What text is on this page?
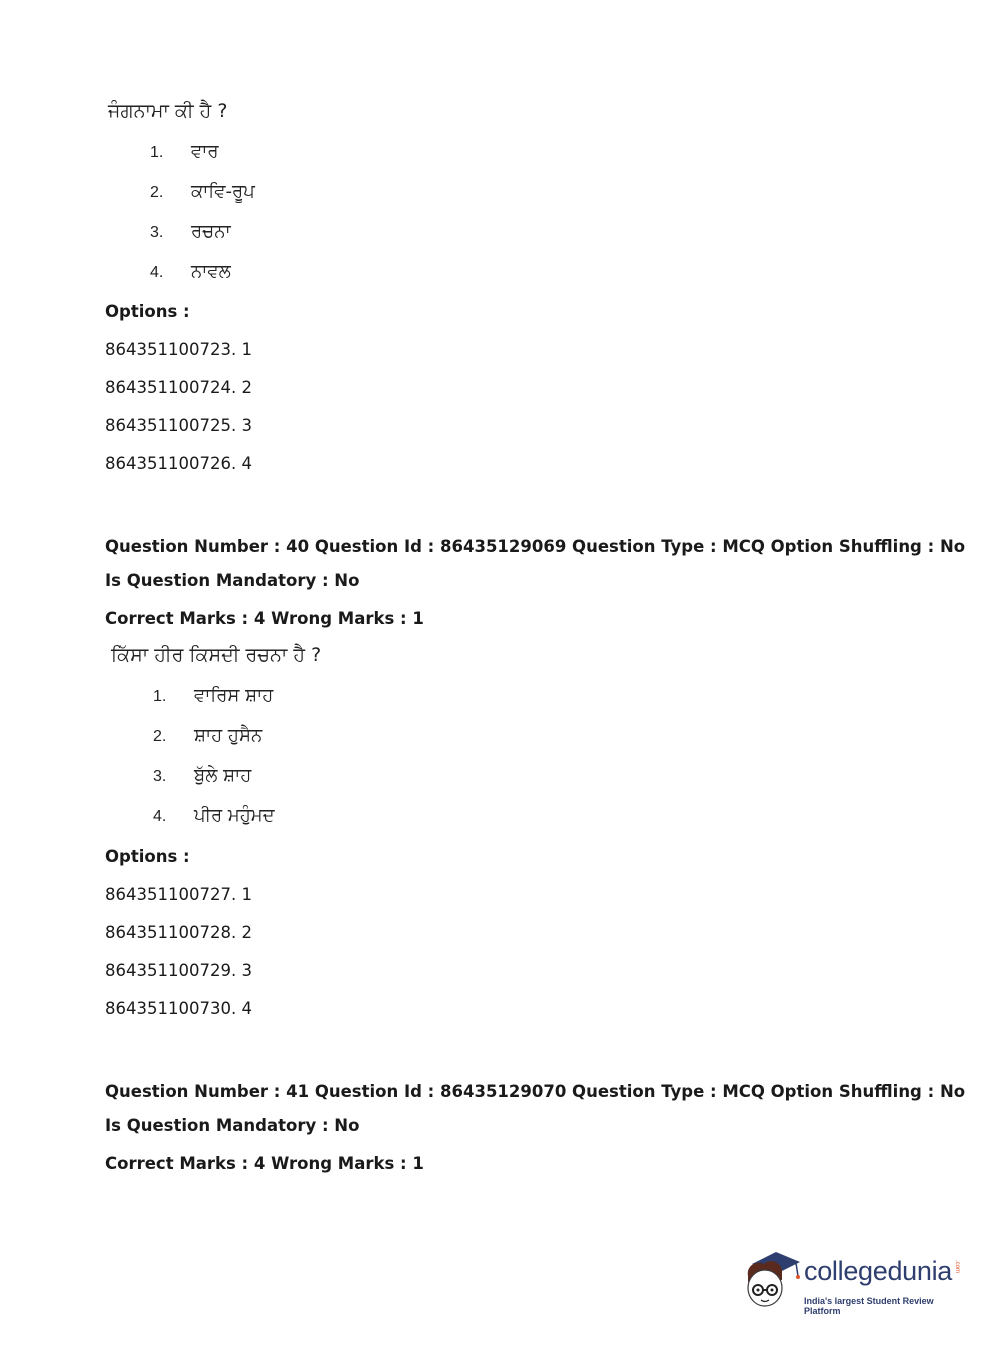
ਜੰਗਨਾਮਾ ਕੀ ਹੈ ?
1. ਵਾਰ
2. ਕਾਵਿ-ਰੂਪ
3. ਰਚਨਾ
4. ਨਾਵਲ
Options :
864351100723. 1
864351100724. 2
864351100725. 3
864351100726. 4
Question Number : 40 Question Id : 86435129069 Question Type : MCQ Option Shuffling : No
Is Question Mandatory : No
Correct Marks : 4 Wrong Marks : 1
ਕਿੱਸਾ ਹੀਰ ਕਿਸਦੀ ਰਚਨਾ ਹੈ ?
1. ਵਾਰਿਸ ਸ਼ਾਹ
2. ਸ਼ਾਹ ਹੁਸੈਨ
3. ਬੁੱਲੇ ਸ਼ਾਹ
4. ਪੀਰ ਮਹੁੰਮਦ
Options :
864351100727. 1
864351100728. 2
864351100729. 3
864351100730. 4
Question Number : 41 Question Id : 86435129070 Question Type : MCQ Option Shuffling : No
Is Question Mandatory : No
Correct Marks : 4 Wrong Marks : 1
collegedunia .com
India's largest Student Review Platform
